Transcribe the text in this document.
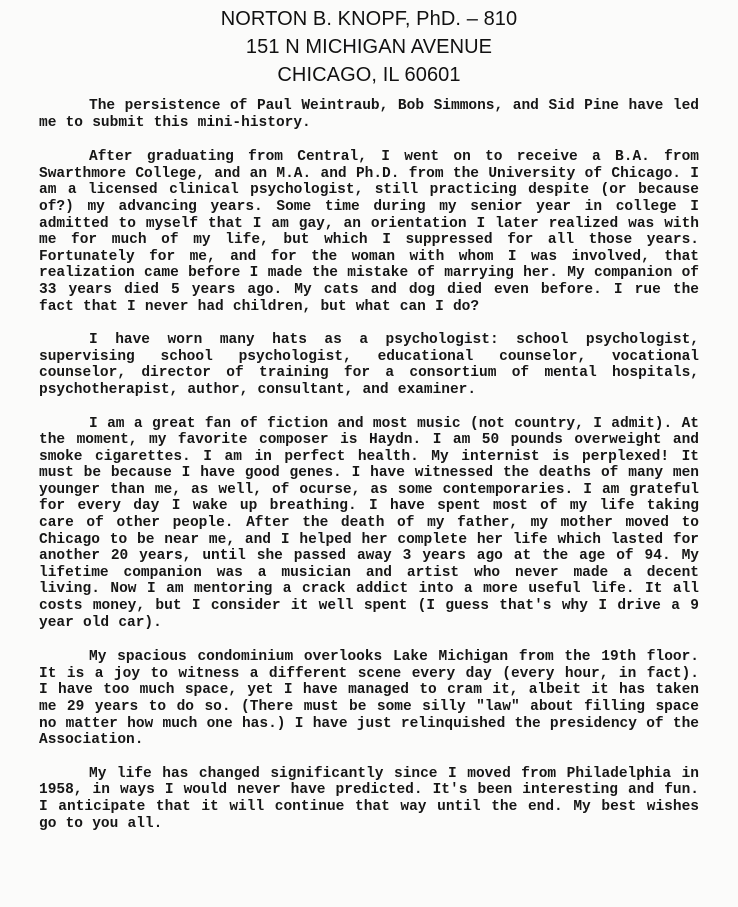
NORTON B. KNOPF, PhD. – 810
151 N MICHIGAN AVENUE
CHICAGO, IL 60601

The persistence of Paul Weintraub, Bob Simmons, and Sid Pine have led me to submit this mini-history.

After graduating from Central, I went on to receive a B.A. from Swarthmore College, and an M.A. and Ph.D. from the University of Chicago. I am a licensed clinical psychologist, still practicing despite (or because of?) my advancing years. Some time during my senior year in college I admitted to myself that I am gay, an orientation I later realized was with me for much of my life, but which I suppressed for all those years. Fortunately for me, and for the woman with whom I was involved, that realization came before I made the mistake of marrying her. My companion of 33 years died 5 years ago. My cats and dog died even before. I rue the fact that I never had children, but what can I do?

I have worn many hats as a psychologist: school psychologist, supervising school psychologist, educational counselor, vocational counselor, director of training for a consortium of mental hospitals, psychotherapist, author, consultant, and examiner.

I am a great fan of fiction and most music (not country, I admit). At the moment, my favorite composer is Haydn. I am 50 pounds overweight and smoke cigarettes. I am in perfect health. My internist is perplexed! It must be because I have good genes. I have witnessed the deaths of many men younger than me, as well, of ocurse, as some contemporaries. I am grateful for every day I wake up breathing. I have spent most of my life taking care of other people. After the death of my father, my mother moved to Chicago to be near me, and I helped her complete her life which lasted for another 20 years, until she passed away 3 years ago at the age of 94. My lifetime companion was a musician and artist who never made a decent living. Now I am mentoring a crack addict into a more useful life. It all costs money, but I consider it well spent (I guess that's why I drive a 9 year old car).

My spacious condominium overlooks Lake Michigan from the 19th floor. It is a joy to witness a different scene every day (every hour, in fact). I have too much space, yet I have managed to cram it, albeit it has taken me 29 years to do so. (There must be some silly "law" about filling space no matter how much one has.) I have just relinquished the presidency of the Association.

My life has changed significantly since I moved from Philadelphia in 1958, in ways I would never have predicted. It's been interesting and fun. I anticipate that it will continue that way until the end. My best wishes go to you all.
